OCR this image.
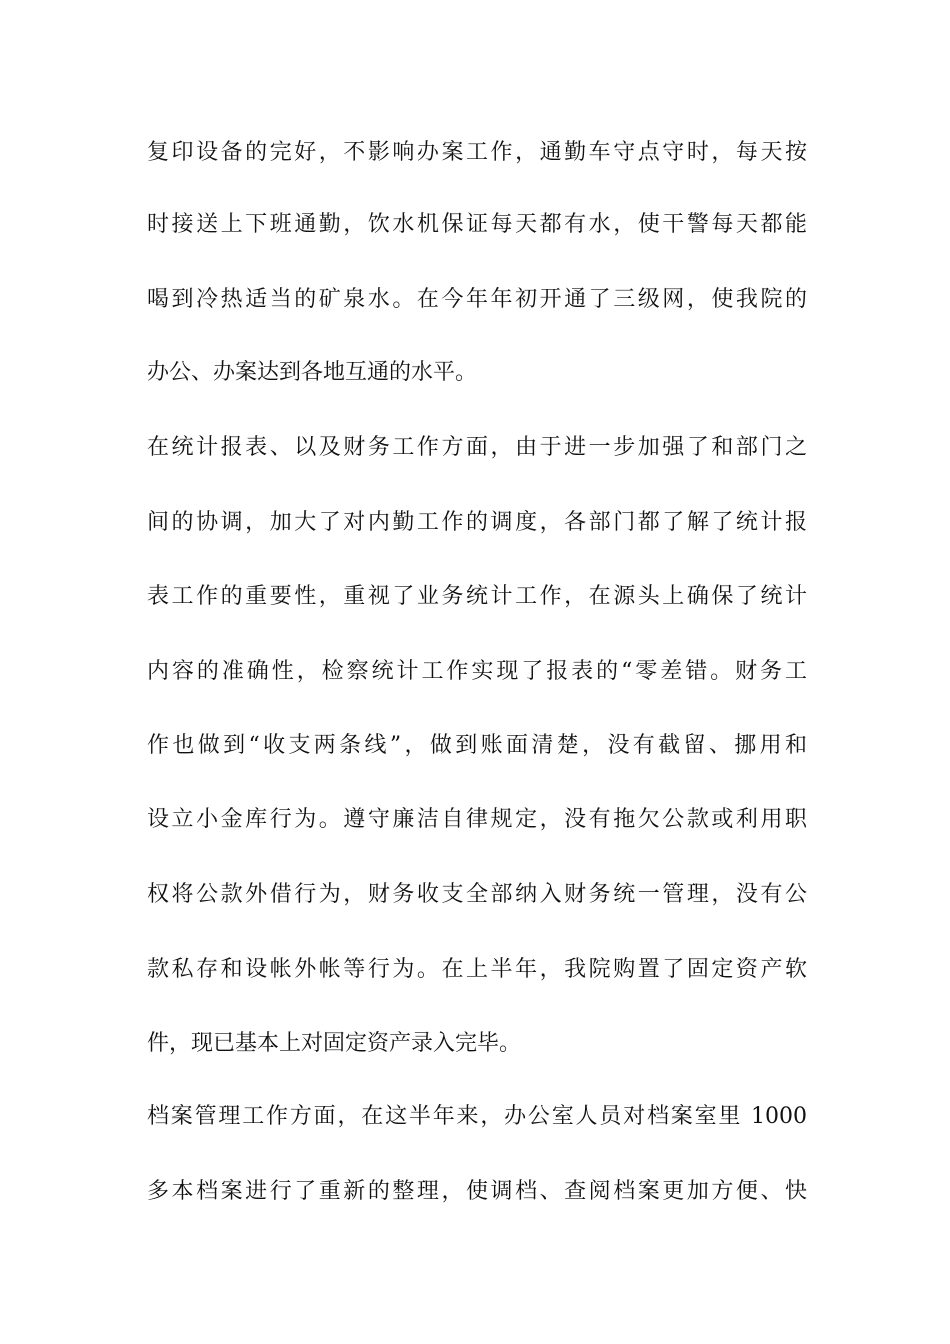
复印设备的完好，不影响办案工作，通勤车守点守时，每天按
时接送上下班通勤，饮水机保证每天都有水，使干警每天都能
喝到冷热适当的矿泉水。在今年年初开通了三级网，使我院的
办公、办案达到各地互通的水平。
在统计报表、以及财务工作方面，由于进一步加强了和部门之
间的协调，加大了对内勤工作的调度，各部门都了解了统计报
表工作的重要性，重视了业务统计工作，在源头上确保了统计
内容的准确性，检察统计工作实现了报表的“零差错。财务工
作也做到“收支两条线”，做到账面清楚，没有截留、挪用和
设立小金库行为。遵守廉洁自律规定，没有拖欠公款或利用职
权将公款外借行为，财务收支全部纳入财务统一管理，没有公
款私存和设帐外帐等行为。在上半年，我院购置了固定资产软
件，现已基本上对固定资产录入完毕。
档案管理工作方面，在这半年来，办公室人员对档案室里 1000
多本档案进行了重新的整理，使调档、查阅档案更加方便、快
